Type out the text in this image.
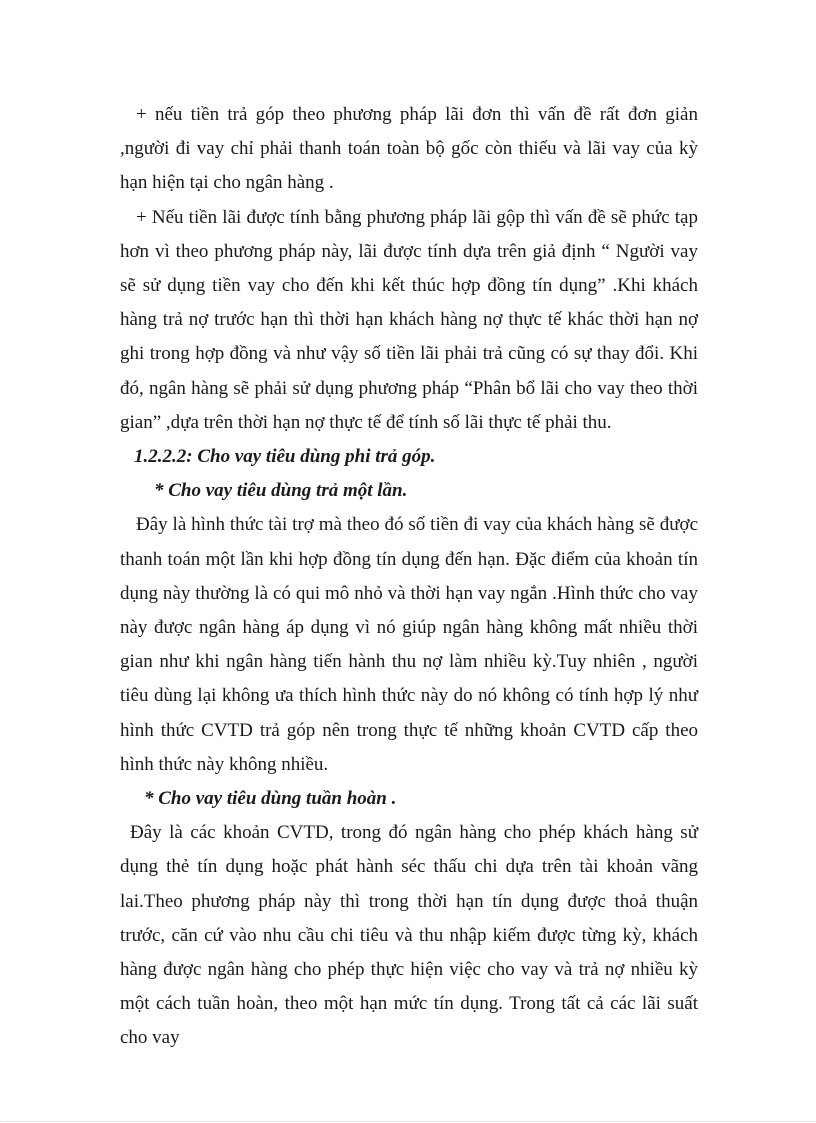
+ nếu tiền trả góp theo phương pháp lãi đơn thì vấn đề rất đơn giản ,người đi vay chỉ phải thanh toán toàn bộ gốc còn thiếu và lãi vay của kỳ hạn hiện tại cho ngân hàng .

+ Nếu tiền lãi được tính bằng phương pháp lãi gộp thì vấn đề sẽ phức tạp hơn vì theo phương pháp này, lãi được tính dựa trên giả định “ Người vay sẽ sử dụng tiền vay cho đến khi kết thúc hợp đồng tín dụng” .Khi khách hàng trả nợ trước hạn thì thời hạn khách hàng nợ thực tế khác thời hạn nợ ghi trong hợp đồng và như vậy số tiền lãi phải trả cũng có sự thay đổi. Khi đó, ngân hàng sẽ phải sử dụng phương pháp “Phân bổ lãi cho vay theo thời gian” ,dựa trên thời hạn nợ thực tế để tính số lãi thực tế phải thu.

1.2.2.2: Cho vay tiêu dùng phi trả góp.

* Cho vay tiêu dùng trả một lần.

Đây là hình thức tài trợ mà theo đó số tiền đi vay của khách hàng sẽ được thanh toán một lần khi hợp đồng tín dụng đến hạn. Đặc điểm của khoản tín dụng này thường là có qui mô nhỏ và thời hạn vay ngắn .Hình thức cho vay này được ngân hàng áp dụng vì nó giúp ngân hàng không mất nhiều thời gian như khi ngân hàng tiến hành thu nợ làm nhiều kỳ.Tuy nhiên , người tiêu dùng lại không ưa thích hình thức này do nó không có tính hợp lý như hình thức CVTD trả góp nên trong thực tế những khoản CVTD cấp theo hình thức này không nhiều.

* Cho vay tiêu dùng tuần hoàn .

Đây là các khoản CVTD, trong đó ngân hàng cho phép khách hàng sử dụng thẻ tín dụng hoặc phát hành séc thấu chi dựa trên tài khoản vãng lai.Theo phương pháp này thì trong thời hạn tín dụng được thoả thuận trước, căn cứ vào nhu cầu chi tiêu và thu nhập kiếm được từng kỳ, khách hàng được ngân hàng cho phép thực hiện việc cho vay và trả nợ nhiều kỳ một cách tuần hoàn, theo một hạn mức tín dụng. Trong tất cả các lãi suất cho vay
